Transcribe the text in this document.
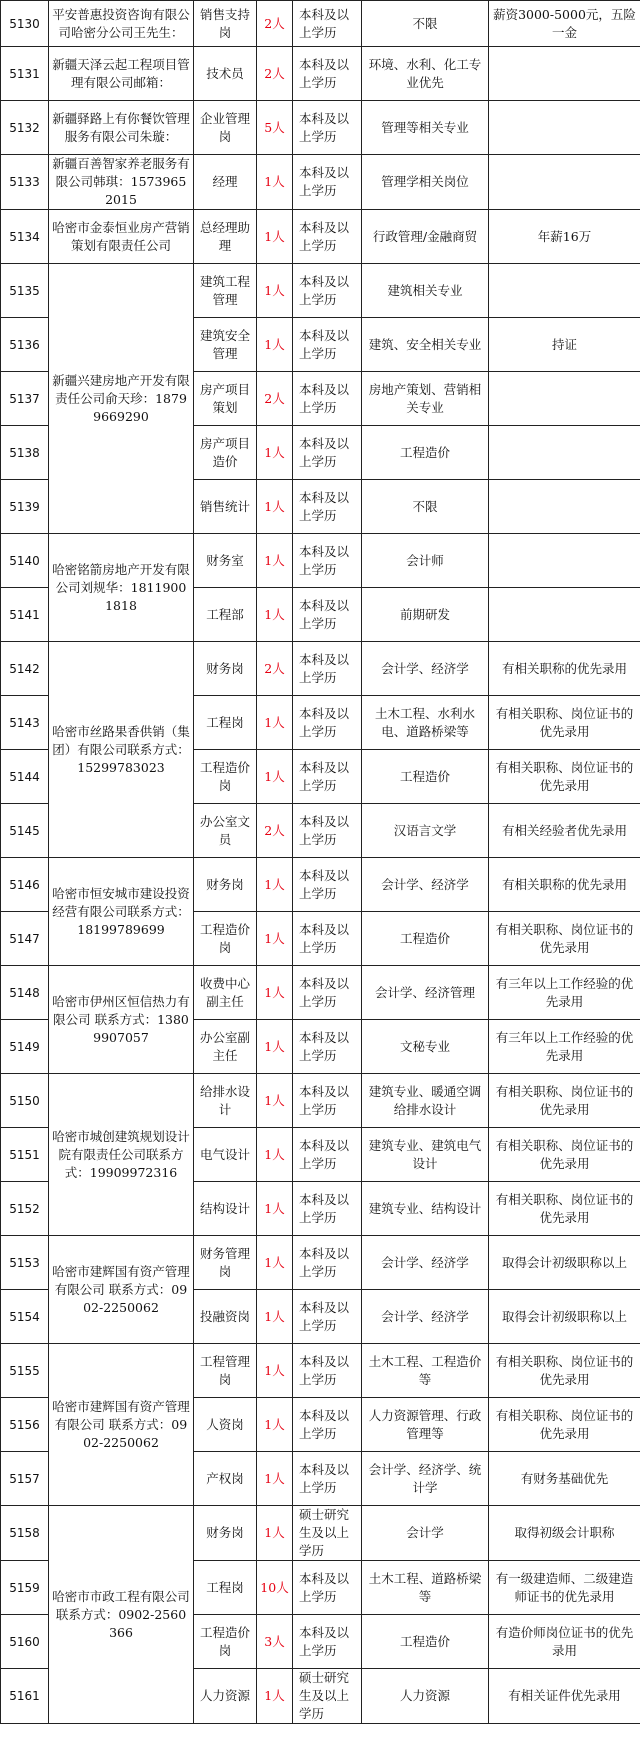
5130	平安普惠投资咨询有限公司哈密分公司王先生：	销售支持岗	2人	本科及以上学历	不限	薪资3000-5000元，五险一金
5131	新疆天泽云起工程项目管理有限公司邮箱：	技术员	2人	本科及以上学历	环境、水利、化工专业优先	
5132	新疆驿路上有你餐饮管理服务有限公司朱璇：	企业管理岗	5人	本科及以上学历	管理等相关专业	
5133	新疆百善智家养老服务有限公司韩琪：15739652015	经理	1人	本科及以上学历	管理学相关岗位	
5134	哈密市金泰恒业房产营销策划有限责任公司	总经理助理	1人	本科及以上学历	行政管理/金融商贸	年薪16万
5135	新疆兴建房地产开发有限责任公司俞天珍：18799669290	建筑工程管理	1人	本科及以上学历	建筑相关专业	
5136		建筑安全管理	1人	本科及以上学历	建筑、安全相关专业	持证
5137		房产项目策划	2人	本科及以上学历	房地产策划、营销相关专业	
5138		房产项目造价	1人	本科及以上学历	工程造价	
5139		销售统计	1人	本科及以上学历	不限	
5140	哈密铭箭房地产开发有限公司刘规华：18119001818	财务室	1人	本科及以上学历	会计师	
5141		工程部	1人	本科及以上学历	前期研发	
5142	哈密市丝路果香供销（集团）有限公司联系方式：15299783023	财务岗	2人	本科及以上学历	会计学、经济学	有相关职称的优先录用
5143		工程岗	1人	本科及以上学历	土木工程、水利水电、道路桥梁等	有相关职称、岗位证书的优先录用
5144		工程造价岗	1人	本科及以上学历	工程造价	有相关职称、岗位证书的优先录用
5145		办公室文员	2人	本科及以上学历	汉语言文学	有相关经验者优先录用
5146	哈密市恒安城市建设投资经营有限公司联系方式：18199789699	财务岗	1人	本科及以上学历	会计学、经济学	有相关职称的优先录用
5147		工程造价岗	1人	本科及以上学历	工程造价	有相关职称、岗位证书的优先录用
5148	哈密市伊州区恒信热力有限公司 联系方式：13809907057	收费中心副主任	1人	本科及以上学历	会计学、经济管理	有三年以上工作经验的优先录用
5149		办公室副主任	1人	本科及以上学历	文秘专业	有三年以上工作经验的优先录用
5150	哈密市城创建筑规划设计院有限责任公司联系方式：19909972316	给排水设计	1人	本科及以上学历	建筑专业、暖通空调给排水设计	有相关职称、岗位证书的优先录用
5151		电气设计	1人	本科及以上学历	建筑专业、建筑电气设计	有相关职称、岗位证书的优先录用
5152		结构设计	1人	本科及以上学历	建筑专业、结构设计	有相关职称、岗位证书的优先录用
5153	哈密市建辉国有资产管理有限公司 联系方式：0902-2250062	财务管理岗	1人	本科及以上学历	会计学、经济学	取得会计初级职称以上
5154		投融资岗	1人	本科及以上学历	会计学、经济学	取得会计初级职称以上
5155	哈密市建辉国有资产管理有限公司 联系方式：0902-2250062	工程管理岗	1人	本科及以上学历	土木工程、工程造价等	有相关职称、岗位证书的优先录用
5156		人资岗	1人	本科及以上学历	人力资源管理、行政管理等	有相关职称、岗位证书的优先录用
5157		产权岗	1人	本科及以上学历	会计学、经济学、统计学	有财务基础优先
5158	哈密市市政工程有限公司联系方式：0902-2560366	财务岗	1人	硕士研究生及以上学历	会计学	取得初级会计职称
5159		工程岗	10人	本科及以上学历	土木工程、道路桥梁等	有一级建造师、二级建造师证书的优先录用
5160		工程造价岗	3人	本科及以上学历	工程造价	有造价师岗位证书的优先录用
5161		人力资源	1人	硕士研究生及以上学历	人力资源	有相关证件优先录用
